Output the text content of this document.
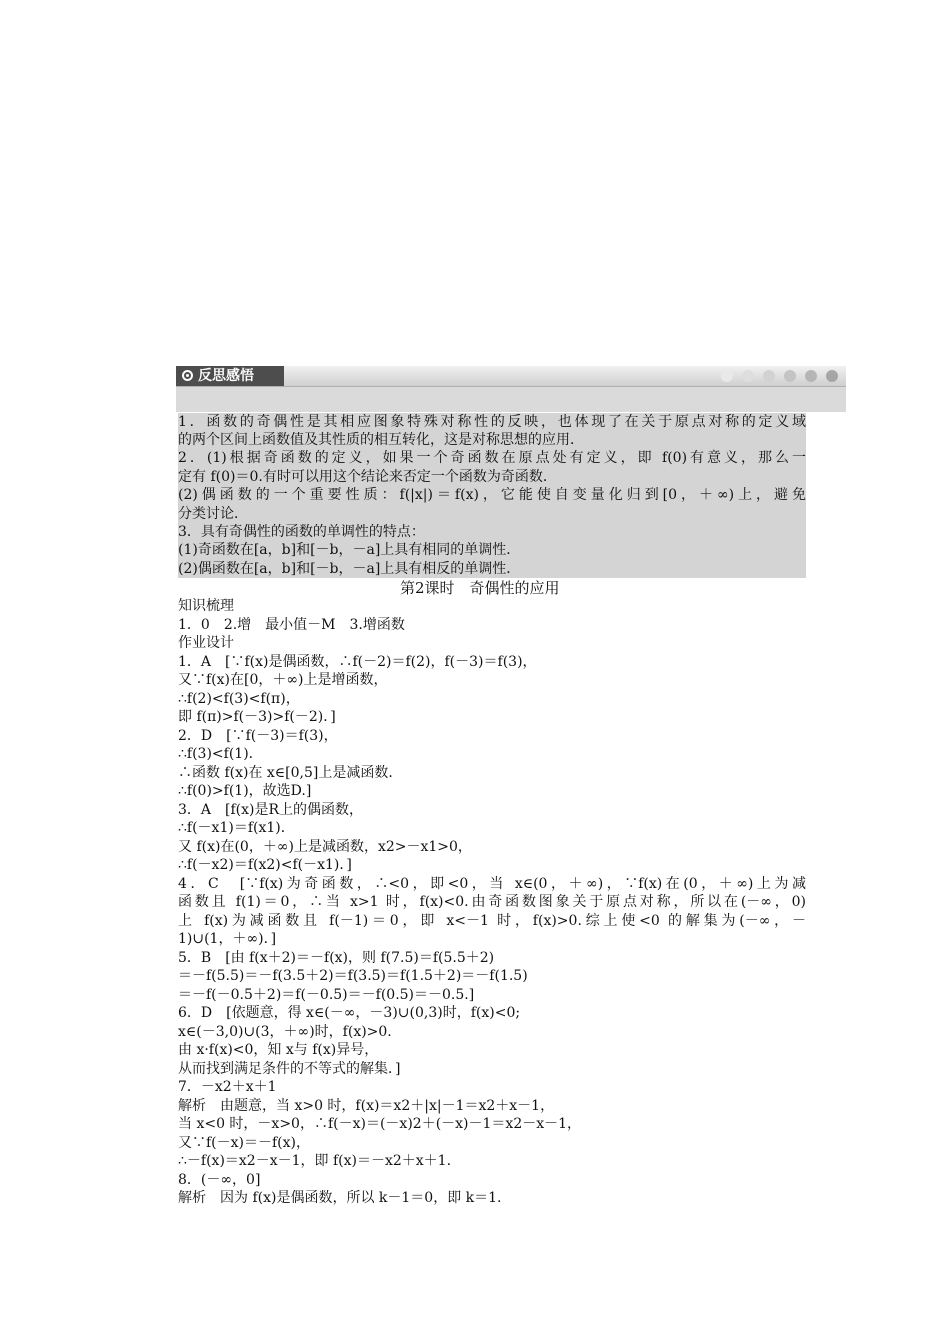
反思感悟
1．函数的奇偶性是其相应图象特殊对称性的反映，也体现了在关于原点对称的定义域
的两个区间上函数值及其性质的相互转化，这是对称思想的应用．
2．(1)根据奇函数的定义，如果一个奇函数在原点处有定义，即 f(0)有意义，那么一
定有 f(0)＝0.有时可以用这个结论来否定一个函数为奇函数．
(2)偶函数的一个重要性质：f(|x|)＝f(x)，它能使自变量化归到[0，＋∞)上，避免
分类讨论．
3．具有奇偶性的函数的单调性的特点：
(1)奇函数在[a，b]和[－b，－a]上具有相同的单调性．
(2)偶函数在[a，b]和[－b，－a]上具有相反的单调性．
第2课时　奇偶性的应用
知识梳理
1．0　2.增　最小值－M　3.增函数
作业设计
1．A　[∵f(x)是偶函数，∴f(－2)＝f(2)，f(－3)＝f(3)，
又∵f(x)在[0，＋∞)上是增函数，
∴f(2)<f(3)<f(π)，
即 f(π)>f(－3)>f(－2)．]
2．D　[∵f(－3)＝f(3)，
∴f(3)<f(1)．
∴函数 f(x)在 x∈[0,5]上是减函数．
∴f(0)>f(1)，故选D.]
3．A　[f(x)是R上的偶函数，
∴f(－x1)＝f(x1)．
又 f(x)在(0，＋∞)上是减函数，x2>－x1>0，
∴f(－x2)＝f(x2)<f(－x1)．]
4．C　[∵f(x)为奇函数，∴<0，即<0，当 x∈(0，＋∞)，∵f(x)在(0，＋∞)上为减
函数且 f(1)＝0，∴当 x>1 时，f(x)<0.由奇函数图象关于原点对称，所以在(－∞，0)
上 f(x)为减函数且 f(－1)＝0，即 x<－1 时，f(x)>0.综上使<0 的解集为(－∞，－
1)∪(1，＋∞)．]
5．B　[由 f(x＋2)＝－f(x)，则 f(7.5)＝f(5.5＋2)
＝－f(5.5)＝－f(3.5＋2)＝f(3.5)＝f(1.5＋2)＝－f(1.5)
＝－f(－0.5＋2)＝f(－0.5)＝－f(0.5)＝－0.5.]
6．D　[依题意，得 x∈(－∞，－3)∪(0,3)时，f(x)<0;
x∈(－3,0)∪(3，＋∞)时，f(x)>0.
由 x·f(x)<0，知 x与 f(x)异号，
从而找到满足条件的不等式的解集．]
7．－x2＋x＋1
解析　由题意，当 x>0 时，f(x)＝x2＋|x|－1＝x2＋x－1，
当 x<0 时，－x>0，∴f(－x)＝(－x)2＋(－x)－1＝x2－x－1，
又∵f(－x)＝－f(x)，
∴－f(x)＝x2－x－1，即 f(x)＝－x2＋x＋1.
8．(－∞，0]
解析　因为 f(x)是偶函数，所以 k－1＝0，即 k＝1.
